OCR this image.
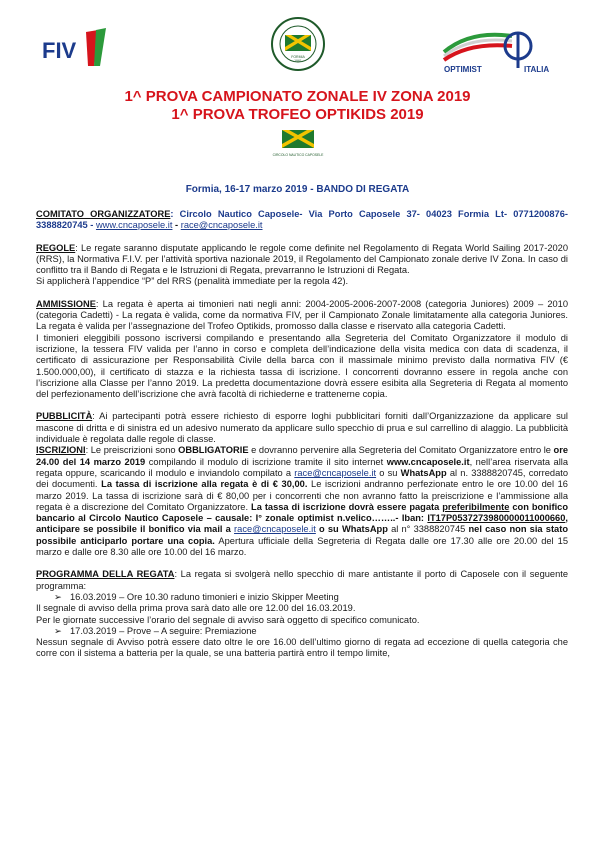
FIV	FORMIA
1961
OPTIMIST	ITALIA
1^ PROVA CAMPIONATO ZONALE IV ZONA 2019
1^ PROVA TROFEO OPTIKIDS 2019
CIRCOLO NAUTICO CAPOSELE
Formia, 16-17 marzo 2019 - BANDO DI REGATA

COMITATO ORGANIZZATORE: Circolo Nautico Caposele- Via Porto Caposele 37- 04023 Formia Lt- 0771200876- 3388820745 - www.cncaposele.it - race@cncaposele.it

REGOLE: Le regate saranno disputate applicando le regole come definite nel Regolamento di Regata World Sailing 2017-2020 (RRS), la Normativa F.I.V. per l’attività sportiva nazionale 2019, il Regolamento del Campionato zonale derive IV Zona. In caso di conflitto tra il Bando di Regata e le Istruzioni di Regata, prevarranno le Istruzioni di Regata.

Si applicherà l’appendice “P” del RRS (penalità immediate per la regola 42).

AMMISSIONE: La regata è aperta ai timonieri nati negli anni: 2004-2005-2006-2007-2008 (categoria Juniores) 2009 – 2010 (categoria Cadetti) - La regata è valida, come da normativa FIV, per il Campionato Zonale limitatamente alla categoria Juniores. La regata è valida per l’assegnazione del Trofeo Optikids, promosso dalla classe e riservato alla categoria Cadetti.

I timonieri eleggibili possono iscriversi compilando e presentando alla Segreteria del Comitato Organizzatore il modulo di iscrizione, la tessera FIV valida per l’anno in corso e completa dell’indicazione della visita medica con data di scadenza, il certificato di assicurazione per Responsabilità Civile della barca con il massimale minimo previsto dalla normativa FIV (€ 1.500.000,00), il certificato di stazza e la richiesta tassa di iscrizione. I concorrenti dovranno essere in regola anche con l’iscrizione alla Classe per l’anno 2019. La predetta documentazione dovrà essere esibita alla Segreteria di Regata al momento del perfezionamento dell’iscrizione che avrà facoltà di richiederne e trattenerne copia.

PUBBLICITÀ: Ai partecipanti potrà essere richiesto di esporre loghi pubblicitari forniti dall’Organizzazione da applicare sul mascone di dritta e di sinistra ed un adesivo numerato da applicare sullo specchio di prua e sul carrellino di alaggio. La pubblicità individuale è regolata dalle regole di classe.

ISCRIZIONI: Le preiscrizioni sono OBBLIGATORIE e dovranno pervenire alla Segreteria del Comitato Organizzatore entro le ore 24.00 del 14 marzo 2019 compilando il modulo di iscrizione tramite il sito internet www.cncaposele.it, nell’area riservata alla regata oppure, scaricando il modulo e inviandolo compilato a race@cncaposele.it o su WhatsApp al n. 3388820745, corredato dei documenti. La tassa di iscrizione alla regata è di € 30,00. Le iscrizioni andranno perfezionate entro le ore 10.00 del 16 marzo 2019. La tassa di iscrizione sarà di € 80,00 per i concorrenti che non avranno fatto la preiscrizione e l’ammissione alla regata è a discrezione del Comitato Organizzatore. La tassa di iscrizione dovrà essere pagata preferibilmente con bonifico bancario al Circolo Nautico Caposele – causale: I° zonale optimist n.velico……..- Iban: IT17P0537273980000011000660, anticipare se possibile il bonifico via mail a race@cncaposele.it o su WhatsApp al n° 3388820745 nel caso non sia stato possibile anticiparlo portare una copia. Apertura ufficiale della Segreteria di Regata dalle ore 17.30 alle ore 20.00 del 15 marzo e dalle ore 8.30 alle ore 10.00 del 16 marzo.

PROGRAMMA DELLA REGATA: La regata si svolgerà nello specchio di mare antistante il porto di Caposele con il seguente programma:

➢ 16.03.2019 – Ore 10.30 raduno timonieri e inizio Skipper Meeting
Il segnale di avviso della prima prova sarà dato alle ore 12.00 del 16.03.2019.
Per le giornate successive l’orario del segnale di avviso sarà oggetto di specifico comunicato.
➢ 17.03.2019 – Prove – A seguire: Premiazione
Nessun segnale di Avviso potrà essere dato oltre le ore 16.00 dell’ultimo giorno di regata ad eccezione di quella categoria che corre con il sistema a batteria per la quale, se una batteria partirà entro il tempo limite,
